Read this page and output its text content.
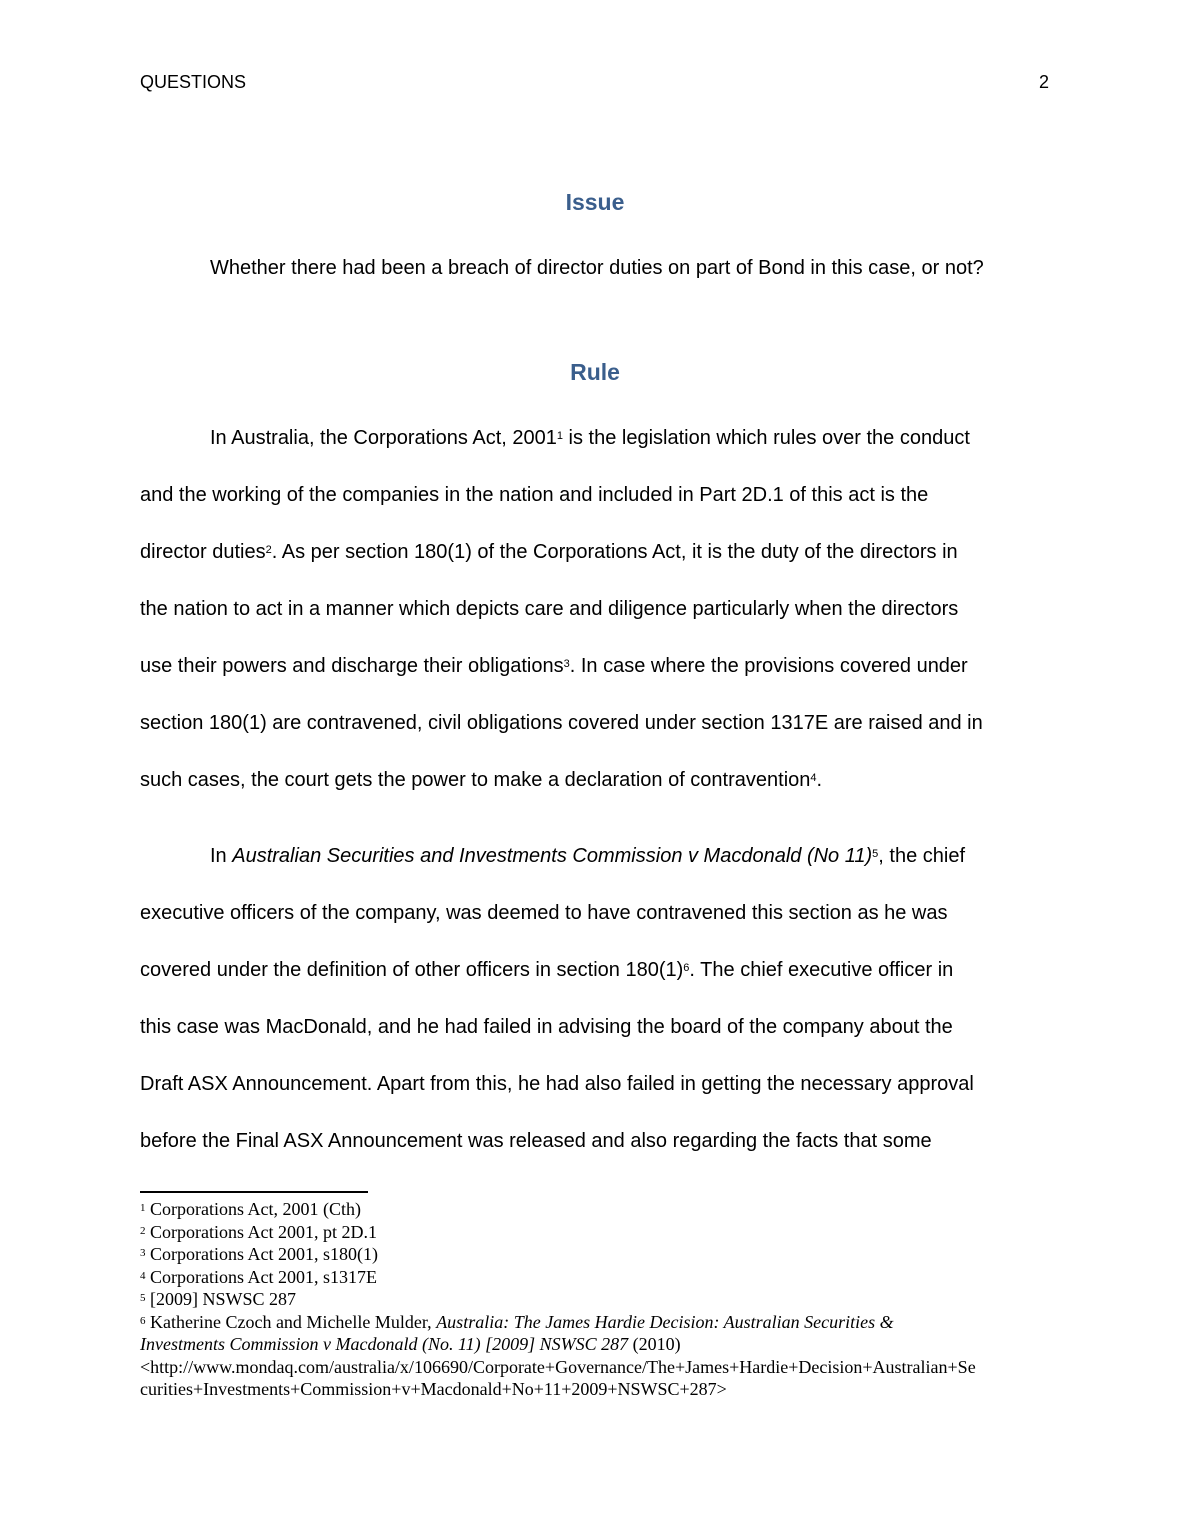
QUESTIONS	2
Issue
Whether there had been a breach of director duties on part of Bond in this case, or not?
Rule
In Australia, the Corporations Act, 2001$^1$ is the legislation which rules over the conduct
and the working of the companies in the nation and included in Part 2D.1 of this act is the
director duties$^2$. As per section 180(1) of the Corporations Act, it is the duty of the directors in
the nation to act in a manner which depicts care and diligence particularly when the directors
use their powers and discharge their obligations$^3$. In case where the provisions covered under
section 180(1) are contravened, civil obligations covered under section 1317E are raised and in
such cases, the court gets the power to make a declaration of contravention$^4$.
In Australian Securities and Investments Commission v Macdonald (No 11)$^5$, the chief
executive officers of the company, was deemed to have contravened this section as he was
covered under the definition of other officers in section $180(1)^6$. The chief executive officer in
this case was MacDonald, and he had failed in advising the board of the company about the
Draft ASX Announcement. Apart from this, he had also failed in getting the necessary approval
before the Final ASX Announcement was released and also regarding the facts that some
$^1$ Corporations Act, 2001 (Cth)
$^2$ Corporations Act 2001, pt 2D.1
$^3$ Corporations Act 2001, s180(1)
$^4$ Corporations Act 2001, s1317E
$^5$ [2009] NSWSC 287
$^6$ Katherine Czoch and Michelle Mulder, Australia: The James Hardie Decision: Australian Securities &
Investments Commission v Macdonald (No. 11) [2009] NSWSC 287 (2010)
<http://www.mondaq.com/australia/x/106690/Corporate+Governance/The+James+Hardie+Decision+Australian+Se
curities+Investments+Commission+v+Macdonald+No+11+2009+NSWSC+287>
